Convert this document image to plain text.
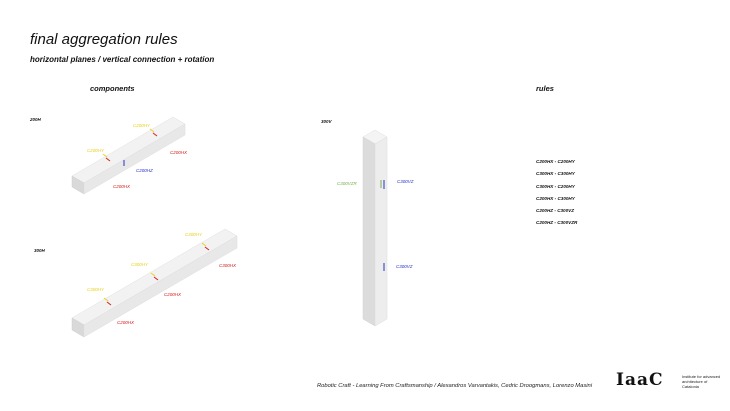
final aggregation rules
horizontal planes / vertical connection + rotation
components	rules
200H
300H
300V
C200HY
C200HY	C200HX
C200HZ
C200HX
C300HY
C300HX
C300HY
C200HX
C300HY
C200HX
C300VZR	C300VZ
C300VZ
C200HX - C200HY
C300HX - C300HY
C300HX - C200HY
C200HX - C300HY
C200HZ - C300VZ
C200HZ - C300VZR
Robotic Craft - Learning From Craftsmanship / Alexandros Varvantakis, Cedric Droogmans, Lorenzo Masini IaaC	Institute for advanced architecture of Catalonia
